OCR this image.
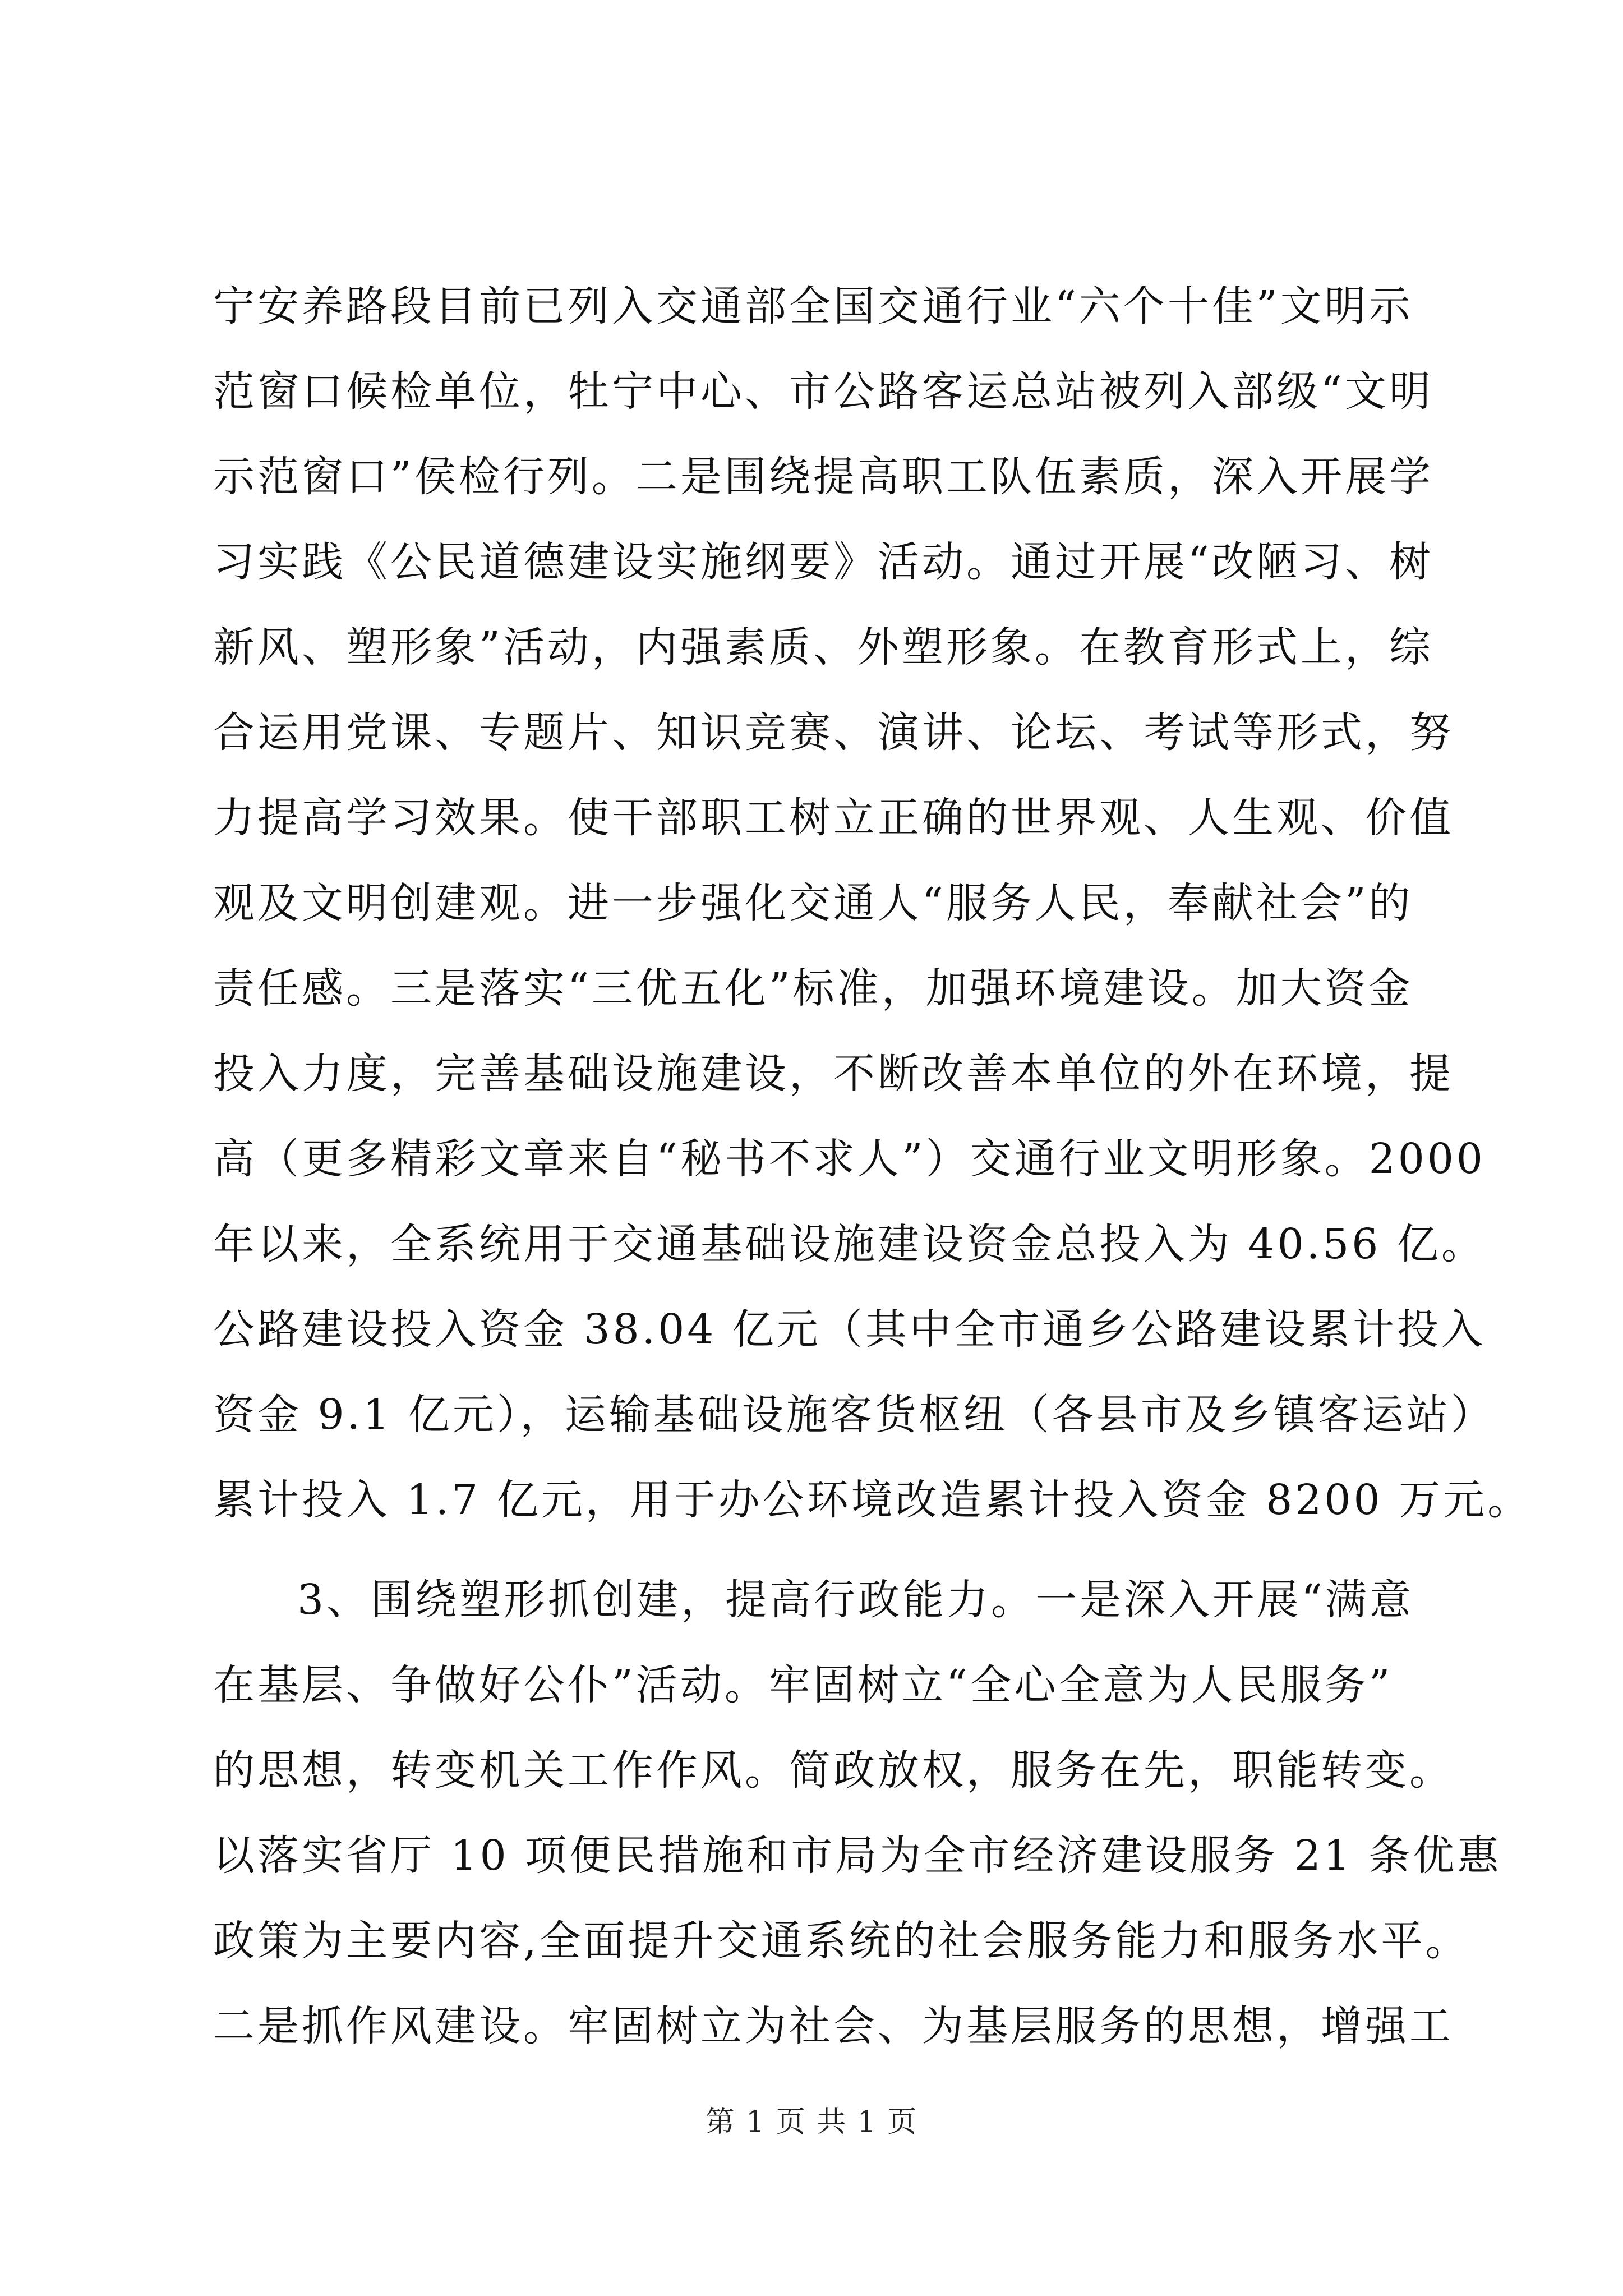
宁安养路段目前已列入交通部全国交通行业“六个十佳”文明示
范窗口候检单位，牡宁中心、市公路客运总站被列入部级“文明
示范窗口”侯检行列。二是围绕提高职工队伍素质，深入开展学
习实践《公民道德建设实施纲要》活动。通过开展“改陋习、树
新风、塑形象”活动，内强素质、外塑形象。在教育形式上，综
合运用党课、专题片、知识竞赛、演讲、论坛、考试等形式，努
力提高学习效果。使干部职工树立正确的世界观、人生观、价值
观及文明创建观。进一步强化交通人“服务人民，奉献社会”的
责任感。三是落实“三优五化”标准，加强环境建设。加大资金
投入力度，完善基础设施建设，不断改善本单位的外在环境，提
高（更多精彩文章来自“秘书不求人”）交通行业文明形象。2000
年以来，全系统用于交通基础设施建设资金总投入为 40.56 亿。
公路建设投入资金 38.04 亿元（其中全市通乡公路建设累计投入
资金 9.1 亿元），运输基础设施客货枢纽（各县市及乡镇客运站）
累计投入 1.7 亿元，用于办公环境改造累计投入资金 8200 万元。
3、围绕塑形抓创建，提高行政能力。一是深入开展“满意
在基层、争做好公仆”活动。牢固树立“全心全意为人民服务”
的思想，转变机关工作作风。简政放权，服务在先，职能转变。
以落实省厅 10 项便民措施和市局为全市经济建设服务 21 条优惠
政策为主要内容,全面提升交通系统的社会服务能力和服务水平。
二是抓作风建设。牢固树立为社会、为基层服务的思想，增强工
第 1 页 共 1 页
